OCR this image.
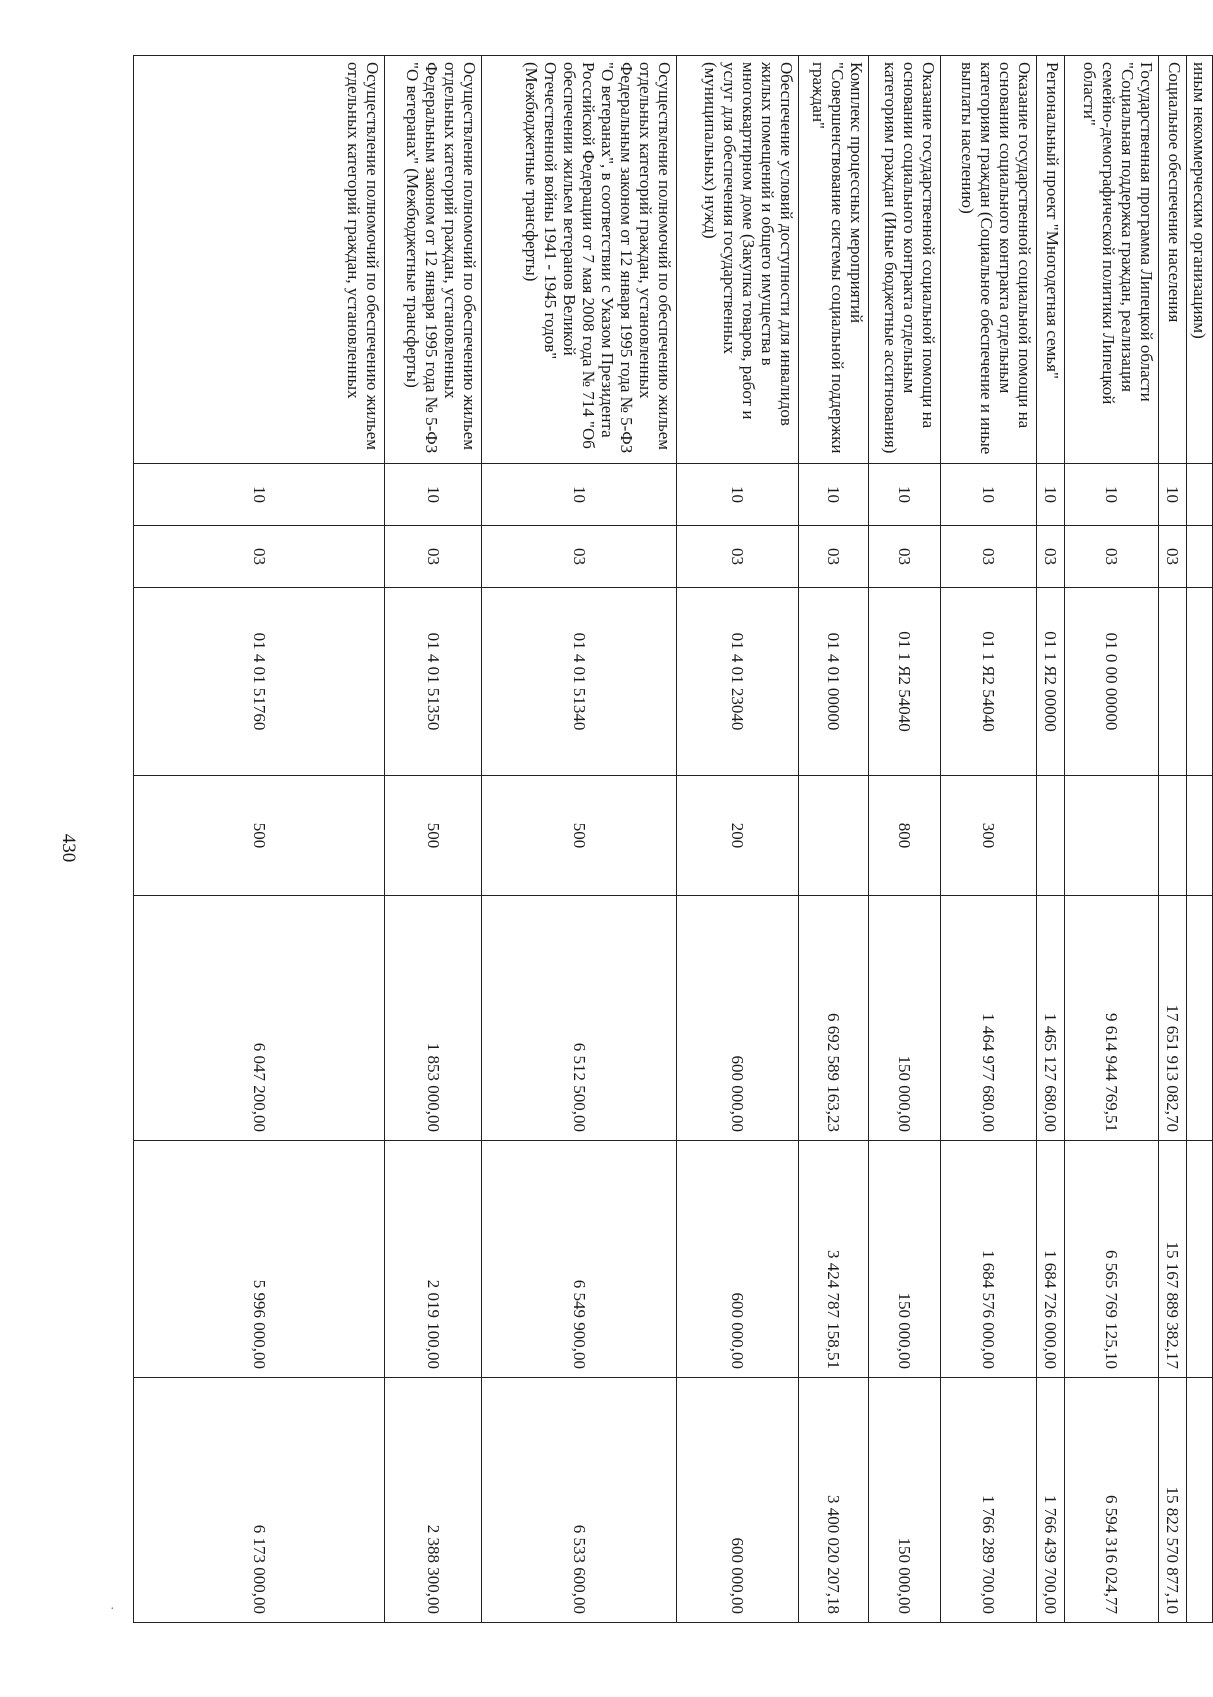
430
·
иным некоммерческим организациям)							
Социальное обеспечение населения	10	03			17 651 913 082,70	15 167 889 382,17	15 822 570 877,10
Государственная программа Липецкой области "Социальная поддержка граждан, реализация семейно-демографической политики Липецкой области"	10	03	01 0 00 00000		9 614 944 769,51	6 565 769 125,10	6 594 316 024,77
Региональный проект "Многодетная семья"	10	03	01 1 Я2 00000		1 465 127 680,00	1 684 726 000,00	1 766 439 700,00
Оказание государственной социальной помощи на основании социального контракта отдельным категориям граждан (Социальное обеспечение и иные выплаты населению)	10	03	01 1 Я2 54040	300	1 464 977 680,00	1 684 576 000,00	1 766 289 700,00
Оказание государственной социальной помощи на основании социального контракта отдельным категориям граждан (Иные бюджетные ассигнования)	10	03	01 1 Я2 54040	800	150 000,00	150 000,00	150 000,00
Комплекс процессных мероприятий "Совершенствование системы социальной поддержки граждан"	10	03	01 4 01 00000		6 692 589 163,23	3 424 787 158,51	3 400 020 207,18
Обеспечение условий доступности для инвалидов жилых помещений и общего имущества в многоквартирном доме (Закупка товаров, работ и услуг для обеспечения государственных (муниципальных) нужд)	10	03	01 4 01 23040	200	600 000,00	600 000,00	600 000,00
Осуществление полномочий по обеспечению жильем отдельных категорий граждан, установленных Федеральным законом от 12 января 1995 года № 5-ФЗ "О ветеранах", в соответствии с Указом Президента Российской Федерации от 7 мая 2008 года № 714 "Об обеспечении жильем ветеранов Великой Отечественной войны 1941 - 1945 годов" (Межбюджетные трансферты)	10	03	01 4 01 51340	500	6 512 500,00	6 549 900,00	6 533 600,00
Осуществление полномочий по обеспечению жильем отдельных категорий граждан, установленных Федеральным законом от 12 января 1995 года № 5-ФЗ "О ветеранах" (Межбюджетные трансферты)	10	03	01 4 01 51350	500	1 853 000,00	2 019 100,00	2 388 300,00
Осуществление полномочий по обеспечению жильем отдельных категорий граждан, установленных	10	03	01 4 01 51760	500	6 047 200,00	5 996 000,00	6 173 000,00
